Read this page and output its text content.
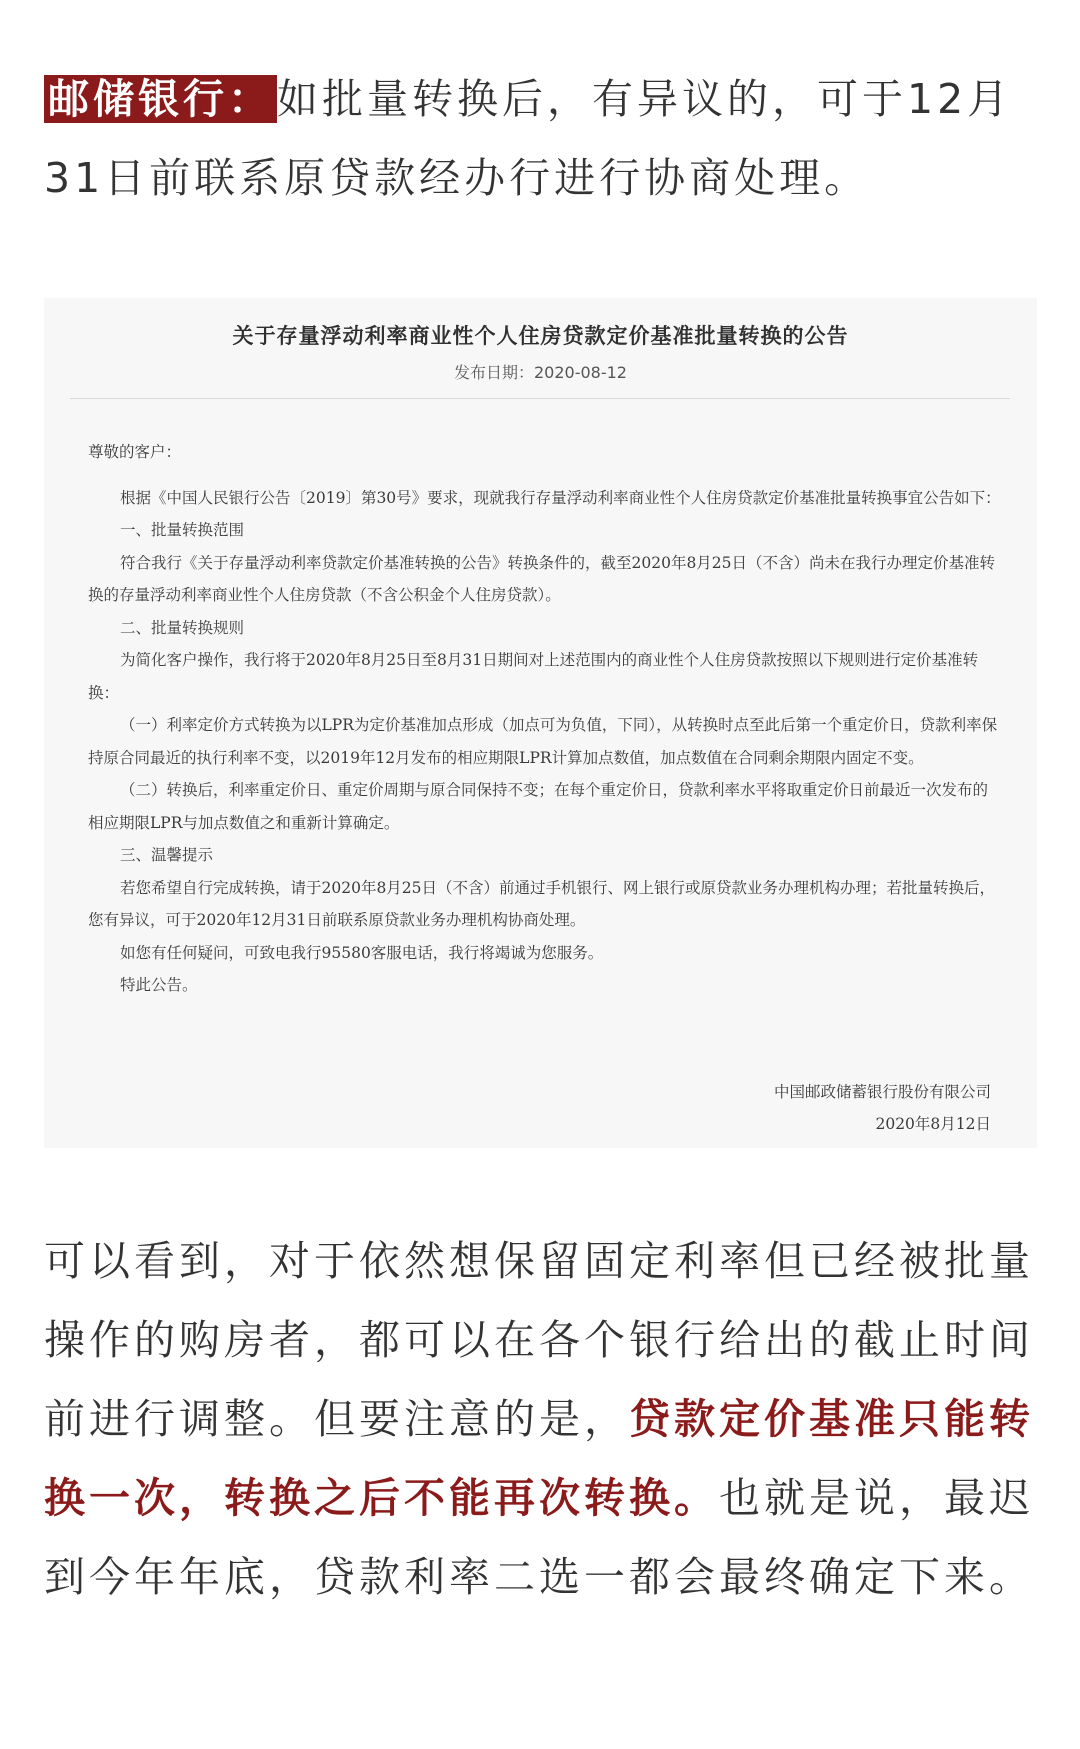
邮储银行：如批量转换后，有异议的，可于12月31日前联系原贷款经办行进行协商处理。

关于存量浮动利率商业性个人住房贷款定价基准批量转换的公告
发布日期：2020-08-12

尊敬的客户：

根据《中国人民银行公告〔2019〕第30号》要求，现就我行存量浮动利率商业性个人住房贷款定价基准批量转换事宜公告如下：

一、批量转换范围

符合我行《关于存量浮动利率贷款定价基准转换的公告》转换条件的，截至2020年8月25日（不含）尚未在我行办理定价基准转换的存量浮动利率商业性个人住房贷款（不含公积金个人住房贷款）。

二、批量转换规则

为简化客户操作，我行将于2020年8月25日至8月31日期间对上述范围内的商业性个人住房贷款按照以下规则进行定价基准转换：

（一）利率定价方式转换为以LPR为定价基准加点形成（加点可为负值，下同），从转换时点至此后第一个重定价日，贷款利率保持原合同最近的执行利率不变，以2019年12月发布的相应期限LPR计算加点数值，加点数值在合同剩余期限内固定不变。

（二）转换后，利率重定价日、重定价周期与原合同保持不变；在每个重定价日，贷款利率水平将取重定价日前最近一次发布的相应期限LPR与加点数值之和重新计算确定。

三、温馨提示

若您希望自行完成转换，请于2020年8月25日（不含）前通过手机银行、网上银行或原贷款业务办理机构办理；若批量转换后，您有异议，可于2020年12月31日前联系原贷款业务办理机构协商处理。

如您有任何疑问，可致电我行95580客服电话，我行将竭诚为您服务。

特此公告。

中国邮政储蓄银行股份有限公司
2020年8月12日

可以看到，对于依然想保留固定利率但已经被批量操作的购房者，都可以在各个银行给出的截止时间前进行调整。但要注意的是，贷款定价基准只能转换一次，转换之后不能再次转换。也就是说，最迟到今年年底，贷款利率二选一都会最终确定下来。
